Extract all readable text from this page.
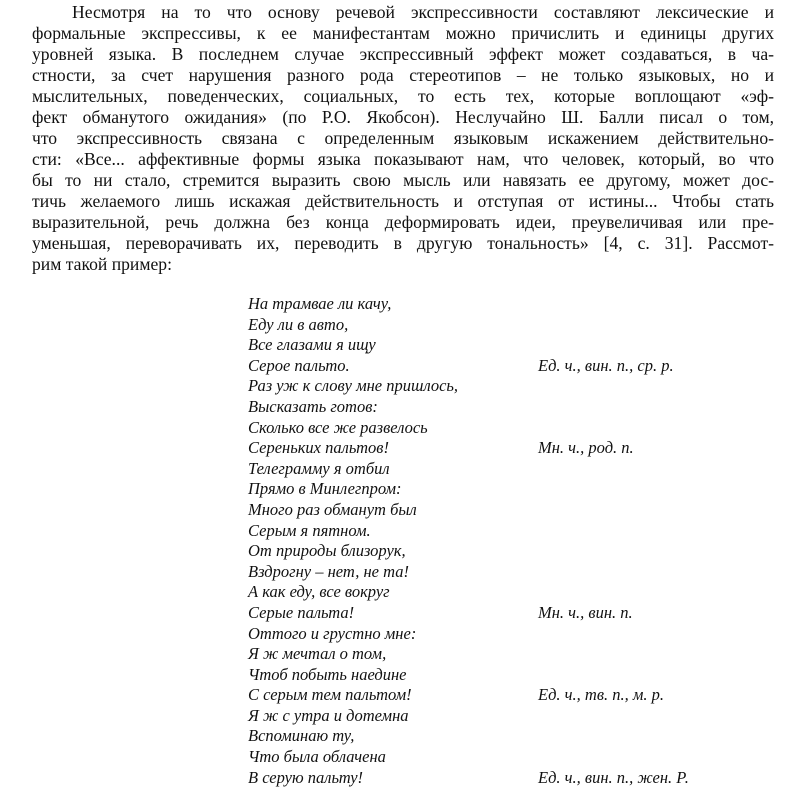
Несмотря на то что основу речевой экспрессивности составляют лексические и
формальные экспрессивы, к ее манифестантам можно причислить и единицы других
уровней языка. В последнем случае экспрессивный эффект может создаваться, в ча-
стности, за счет нарушения разного рода стереотипов – не только языковых, но и
мыслительных, поведенческих, социальных, то есть тех, которые воплощают «эф-
фект обманутого ожидания» (по Р.О. Якобсон). Неслучайно Ш. Балли писал о том,
что экспрессивность связана с определенным языковым искажением действительно-
сти: «Все... аффективные формы языка показывают нам, что человек, который, во что
бы то ни стало, стремится выразить свою мысль или навязать ее другому, может дос-
тичь желаемого лишь искажая действительность и отступая от истины... Чтобы стать
выразительной, речь должна без конца деформировать идеи, преувеличивая или пре-
уменьшая, переворачивать их, переводить в другую тональность» [4, с. 31]. Рассмот-
рим такой пример:
На трамвае ли качу,
Еду ли в авто,
Все глазами я ищу
Серое пальто.
Раз уж к слову мне пришлось,
Высказать готов:
Сколько все же развелось
Сереньких пальтов!
Телеграмму я отбил
Прямо в Минлегпром:
Много раз обманут был
Серым я пятном.
От природы близорук,
Вздрогну – нет, не та!
А как еду, все вокруг
Серые пальта!
Оттого и грустно мне:
Я ж мечтал о том,
Чтоб побыть наедине
С серым тем пальтом!
Я ж с утра и дотемна
Вспоминаю ту,
Что была облачена
В серую пальту!
Ед. ч., вин. п., ср. р.
Мн. ч., род. п.
Мн. ч., вин. п.
Ед. ч., тв. п., м. р.
Ед. ч., вин. п., жен. Р.
